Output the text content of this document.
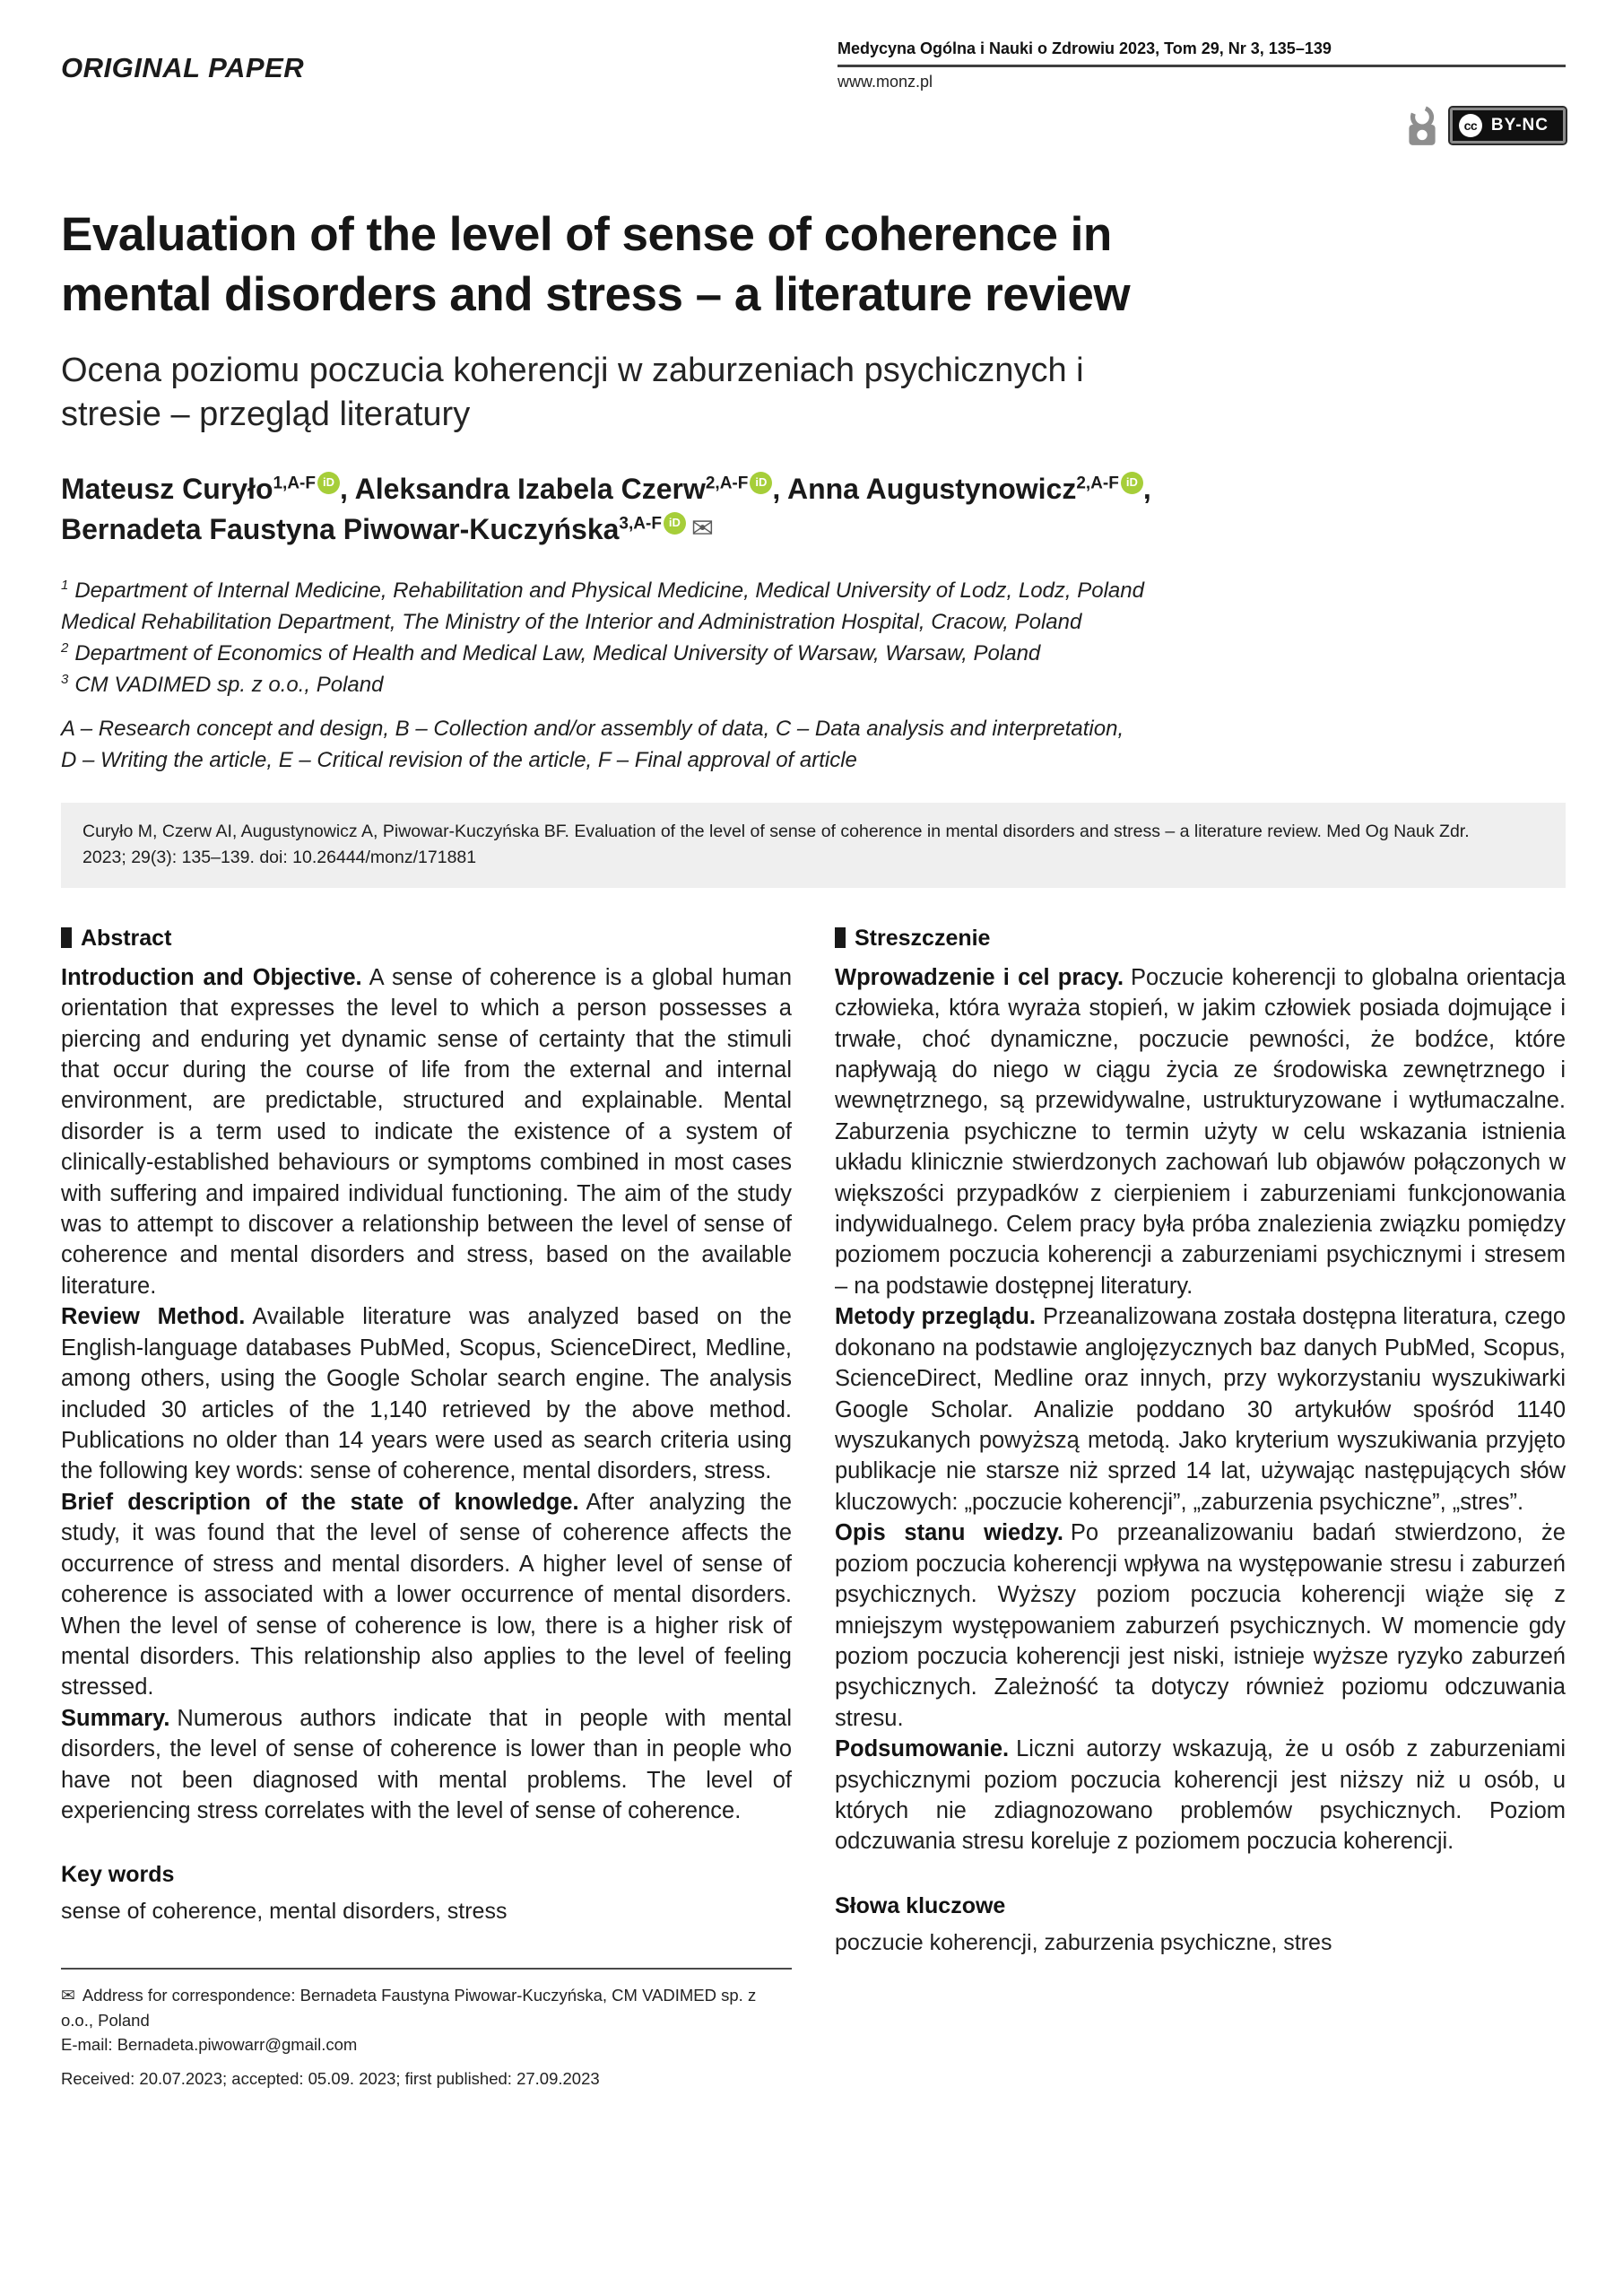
ORIGINAL PAPER
Medycyna Ogólna i Nauki o Zdrowiu 2023, Tom 29, Nr 3, 135–139
www.monz.pl
cc BY-NC
Evaluation of the level of sense of coherence in mental disorders and stress – a literature review
Ocena poziomu poczucia koherencji w zaburzeniach psychicznych i stresie – przegląd literatury
Mateusz Curyło$^{1,A-F}$ iD , Aleksandra Izabela Czerw$^{2,A-F}$ iD , Anna Augustynowicz$^{2,A-F}$ iD ,
Bernadeta Faustyna Piwowar-Kuczyńska$^{3,A-F}$ iD ✉
$^1$ Department of Internal Medicine, Rehabilitation and Physical Medicine, Medical University of Lodz, Lodz, Poland
Medical Rehabilitation Department, The Ministry of the Interior and Administration Hospital, Cracow, Poland
$^2$ Department of Economics of Health and Medical Law, Medical University of Warsaw, Warsaw, Poland
$^3$ CM VADIMED sp. z o.o., Poland
A – Research concept and design, B – Collection and/or assembly of data, C – Data analysis and interpretation,
D – Writing the article, E – Critical revision of the article, F – Final approval of article

Curyło M, Czerw AI, Augustynowicz A, Piwowar-Kuczyńska BF. Evaluation of the level of sense of coherence in mental disorders and stress – a literature review. Med Og Nauk Zdr. 2023; 29(3): 135–139. doi: 10.26444/monz/171881

Abstract

Introduction and Objective. A sense of coherence is a global human orientation that expresses the level to which a person possesses a piercing and enduring yet dynamic sense of certainty that the stimuli that occur during the course of life from the external and internal environment, are predictable, structured and explainable. Mental disorder is a term used to indicate the existence of a system of clinically-established behaviours or symptoms combined in most cases with suffering and impaired individual functioning. The aim of the study was to attempt to discover a relationship between the level of sense of coherence and mental disorders and stress, based on the available literature.

Review Method. Available literature was analyzed based on the English-language databases PubMed, Scopus, ScienceDirect, Medline, among others, using the Google Scholar search engine. The analysis included 30 articles of the 1,140 retrieved by the above method. Publications no older than 14 years were used as search criteria using the following key words: sense of coherence, mental disorders, stress.

Brief description of the state of knowledge. After analyzing the study, it was found that the level of sense of coherence affects the occurrence of stress and mental disorders. A higher level of sense of coherence is associated with a lower occurrence of mental disorders. When the level of sense of coherence is low, there is a higher risk of mental disorders. This relationship also applies to the level of feeling stressed.

Summary. Numerous authors indicate that in people with mental disorders, the level of sense of coherence is lower than in people who have not been diagnosed with mental problems. The level of experiencing stress correlates with the level of sense of coherence.

Key words

sense of coherence, mental disorders, stress

✉ Address for correspondence: Bernadeta Faustyna Piwowar-Kuczyńska, CM VADIMED sp. z o.o., Poland

E-mail: Bernadeta.piwowarr@gmail.com

Received: 20.07.2023; accepted: 05.09. 2023; first published: 27.09.2023

Streszczenie

Wprowadzenie i cel pracy. Poczucie koherencji to globalna orientacja człowieka, która wyraża stopień, w jakim człowiek posiada dojmujące i trwałe, choć dynamiczne, poczucie pewności, że bodźce, które napływają do niego w ciągu życia ze środowiska zewnętrznego i wewnętrznego, są przewidywalne, ustrukturyzowane i wytłumaczalne. Zaburzenia psychiczne to termin użyty w celu wskazania istnienia układu klinicznie stwierdzonych zachowań lub objawów połączonych w większości przypadków z cierpieniem i zaburzeniami funkcjonowania indywidualnego. Celem pracy była próba znalezienia związku pomiędzy poziomem poczucia koherencji a zaburzeniami psychicznymi i stresem – na podstawie dostępnej literatury.

Metody przeglądu. Przeanalizowana została dostępna literatura, czego dokonano na podstawie anglojęzycznych baz danych PubMed, Scopus, ScienceDirect, Medline oraz innych, przy wykorzystaniu wyszukiwarki Google Scholar. Analizie poddano 30 artykułów spośród 1140 wyszukanych powyższą metodą. Jako kryterium wyszukiwania przyjęto publikacje nie starsze niż sprzed 14 lat, używając następujących słów kluczowych: „poczucie koherencji”, „zaburzenia psychiczne”, „stres”.

Opis stanu wiedzy. Po przeanalizowaniu badań stwierdzono, że poziom poczucia koherencji wpływa na występowanie stresu i zaburzeń psychicznych. Wyższy poziom poczucia koherencji wiąże się z mniejszym występowaniem zaburzeń psychicznych. W momencie gdy poziom poczucia koherencji jest niski, istnieje wyższe ryzyko zaburzeń psychicznych. Zależność ta dotyczy również poziomu odczuwania stresu.

Podsumowanie. Liczni autorzy wskazują, że u osób z zaburzeniami psychicznymi poziom poczucia koherencji jest niższy niż u osób, u których nie zdiagnozowano problemów psychicznych. Poziom odczuwania stresu koreluje z poziomem poczucia koherencji.

Słowa kluczowe

poczucie koherencji, zaburzenia psychiczne, stres
